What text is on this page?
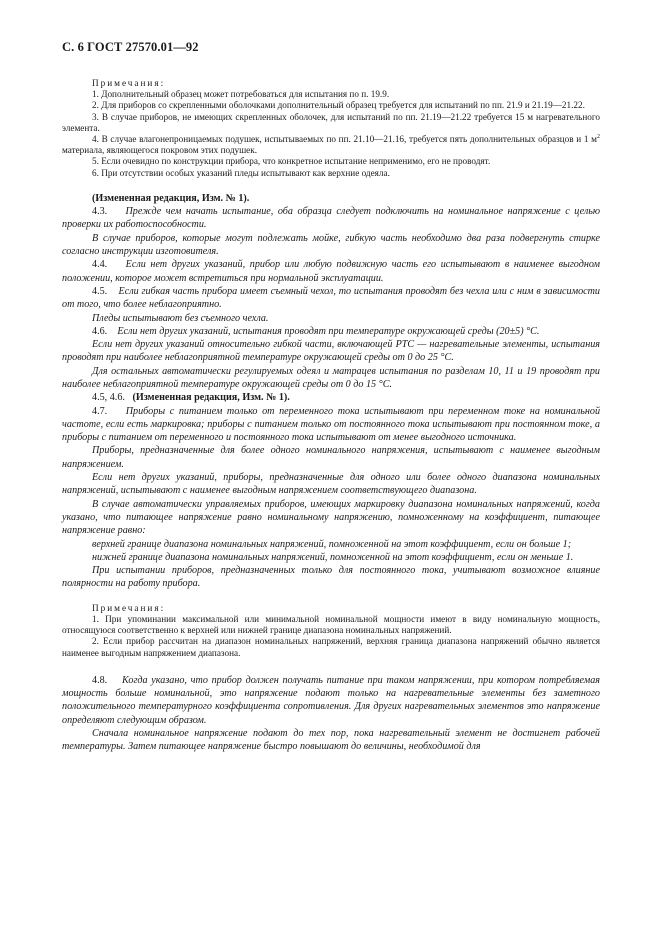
С. 6 ГОСТ 27570.01—92

Примечания:

1. Дополнительный образец может потребоваться для испытания по п. 19.9.

2. Для приборов со скрепленными оболочками дополнительный образец требуется для испытаний по пп. 21.9 и 21.19—21.22.

3. В случае приборов, не имеющих скрепленных оболочек, для испытаний по пп. 21.19—21.22 требуется 15 м нагревательного элемента.

4. В случае влагонепроницаемых подушек, испытываемых по пп. 21.10—21.16, требуется пять дополнительных образцов и 1 $м^2$ материала, являющегося покровом этих подушек.

5. Если очевидно по конструкции прибора, что конкретное испытание неприменимо, его не проводят.

6. При отсутствии особых указаний пледы испытывают как верхние одеяла.

(Измененная редакция, Изм. № 1).

4.3. Прежде чем начать испытание, оба образца следует подключить на номинальное напряжение с целью проверки их работоспособности.

В случае приборов, которые могут подлежать мойке, гибкую часть необходимо два раза подвергнуть стирке согласно инструкции изготовителя.

4.4. Если нет других указаний, прибор или любую подвижную часть его испытывают в наименее выгодном положении, которое может встретиться при нормальной эксплуатации.

4.5. Если гибкая часть прибора имеет съемный чехол, то испытания проводят без чехла или с ним в зависимости от того, что более неблагоприятно.

Пледы испытывают без съемного чехла.

4.6. Если нет других указаний, испытания проводят при температуре окружающей среды (20±5) °C.

Если нет других указаний относительно гибкой части, включающей PTC — нагревательные элементы, испытания проводят при наиболее неблагоприятной температуре окружающей среды от 0 до 25 °C.

Для остальных автоматически регулируемых одеял и матрацев испытания по разделам 10, 11 и 19 проводят при наиболее неблагоприятной температуре окружающей среды от 0 до 15 °C.

4.5, 4.6. (Измененная редакция, Изм. № 1).

4.7. Приборы с питанием только от переменного тока испытывают при переменном токе на номинальной частоте, если есть маркировка; приборы с питанием только от постоянного тока испытывают при постоянном токе, а приборы с питанием от переменного и постоянного тока испытывают от менее выгодного источника.

Приборы, предназначенные для более одного номинального напряжения, испытывают с наименее выгодным напряжением.

Если нет других указаний, приборы, предназначенные для одного или более одного диапазона номинальных напряжений, испытывают с наименее выгодным напряжением соответствующего диапазона.

В случае автоматически управляемых приборов, имеющих маркировку диапазона номинальных напряжений, когда указано, что питающее напряжение равно номинальному напряжению, помноженному на коэффициент, питающее напряжение равно:

верхней границе диапазона номинальных напряжений, помноженной на этот коэффициент, если он больше 1;

нижней границе диапазона номинальных напряжений, помноженной на этот коэффициент, если он меньше 1.

При испытании приборов, предназначенных только для постоянного тока, учитывают возможное влияние полярности на работу прибора.

Примечания:

1. При упоминании максимальной или минимальной номинальной мощности имеют в виду номинальную мощность, относящуюся соответственно к верхней или нижней границе диапазона номинальных напряжений.

2. Если прибор рассчитан на диапазон номинальных напряжений, верхняя граница диапазона напряжений обычно является наименее выгодным напряжением диапазона.

4.8. Когда указано, что прибор должен получать питание при таком напряжении, при котором потребляемая мощность больше номинальной, это напряжение подают только на нагревательные элементы без заметного положительного температурного коэффициента сопротивления. Для других нагревательных элементов это напряжение определяют следующим образом.

Сначала номинальное напряжение подают до тех пор, пока нагревательный элемент не достигнет рабочей температуры. Затем питающее напряжение быстро повышают до величины, необходимой для
